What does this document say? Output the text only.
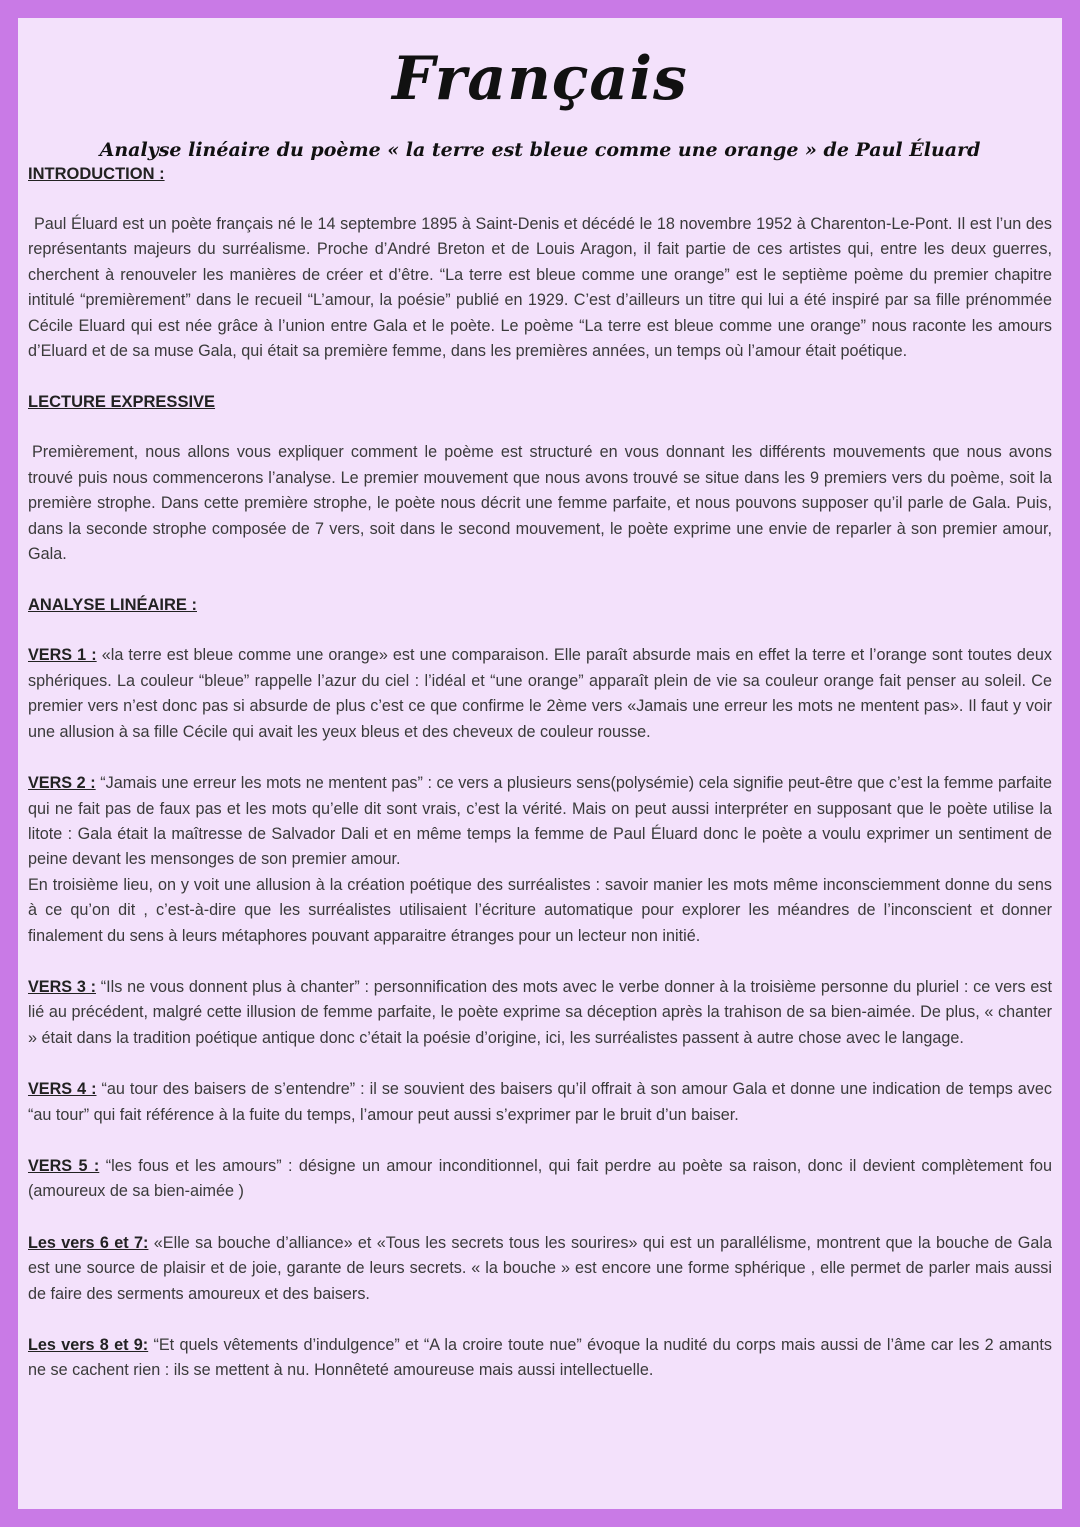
Français

Analyse linéaire du poème « la terre est bleue comme une orange » de Paul Éluard

INTRODUCTION :

Paul Éluard est un poète français né le 14 septembre 1895 à Saint-Denis et décédé le 18 novembre 1952 à Charenton-Le-Pont. Il est l’un des représentants majeurs du surréalisme. Proche d’André Breton et de Louis Aragon, il fait partie de ces artistes qui, entre les deux guerres, cherchent à renouveler les manières de créer et d’être. “La terre est bleue comme une orange” est le septième poème du premier chapitre intitulé “premièrement” dans le recueil “L’amour, la poésie” publié en 1929. C’est d’ailleurs un titre qui lui a été inspiré par sa fille prénommée Cécile Eluard qui est née grâce à l’union entre Gala et le poète. Le poème “La terre est bleue comme une orange” nous raconte les amours d’Eluard et de sa muse Gala, qui était sa première femme, dans les premières années, un temps où l’amour était poétique.

LECTURE EXPRESSIVE

Premièrement, nous allons vous expliquer comment le poème est structuré en vous donnant les différents mouvements que nous avons trouvé puis nous commencerons l’analyse. Le premier mouvement que nous avons trouvé se situe dans les 9 premiers vers du poème, soit la première strophe. Dans cette première strophe, le poète nous décrit une femme parfaite, et nous pouvons supposer qu’il parle de Gala. Puis, dans la seconde strophe composée de 7 vers, soit dans le second mouvement, le poète exprime une envie de reparler à son premier amour, Gala.

ANALYSE LINÉAIRE :

VERS 1 : «la terre est bleue comme une orange» est une comparaison. Elle paraît absurde mais en effet la terre et l’orange sont toutes deux sphériques. La couleur “bleue” rappelle l’azur du ciel : l’idéal et “une orange” apparaît plein de vie sa couleur orange fait penser au soleil. Ce premier vers n’est donc pas si absurde de plus c’est ce que confirme le 2ème vers «Jamais une erreur les mots ne mentent pas». Il faut y voir une allusion à sa fille Cécile qui avait les yeux bleus et des cheveux de couleur rousse.

VERS 2 : “Jamais une erreur les mots ne mentent pas” : ce vers a plusieurs sens(polysémie) cela signifie peut-être que c’est la femme parfaite qui ne fait pas de faux pas et les mots qu’elle dit sont vrais, c’est la vérité. Mais on peut aussi interpréter en supposant que le poète utilise la litote : Gala était la maîtresse de Salvador Dali et en même temps la femme de Paul Éluard donc le poète a voulu exprimer un sentiment de peine devant les mensonges de son premier amour.

En troisième lieu, on y voit une allusion à la création poétique des surréalistes : savoir manier les mots même inconsciemment donne du sens à ce qu’on dit , c’est-à-dire que les surréalistes utilisaient l’écriture automatique pour explorer les méandres de l’inconscient et donner finalement du sens à leurs métaphores pouvant apparaitre étranges pour un lecteur non initié.

VERS 3 : “Ils ne vous donnent plus à chanter” : personnification des mots avec le verbe donner à la troisième personne du pluriel : ce vers est lié au précédent, malgré cette illusion de femme parfaite, le poète exprime sa déception après la trahison de sa bien-aimée. De plus, « chanter » était dans la tradition poétique antique donc c’était la poésie d’origine, ici, les surréalistes passent à autre chose avec le langage.

VERS 4 : “au tour des baisers de s’entendre” : il se souvient des baisers qu’il offrait à son amour Gala et donne une indication de temps avec “au tour” qui fait référence à la fuite du temps, l’amour peut aussi s’exprimer par le bruit d’un baiser.

VERS 5 : “les fous et les amours” : désigne un amour inconditionnel, qui fait perdre au poète sa raison, donc il devient complètement fou (amoureux de sa bien-aimée )

Les vers 6 et 7: «Elle sa bouche d’alliance» et «Tous les secrets tous les sourires» qui est un parallélisme, montrent que la bouche de Gala est une source de plaisir et de joie, garante de leurs secrets. « la bouche » est encore une forme sphérique , elle permet de parler mais aussi de faire des serments amoureux et des baisers.

Les vers 8 et 9: “Et quels vêtements d’indulgence” et “A la croire toute nue” évoque la nudité du corps mais aussi de l’âme car les 2 amants ne se cachent rien : ils se mettent à nu. Honnêteté amoureuse mais aussi intellectuelle.
